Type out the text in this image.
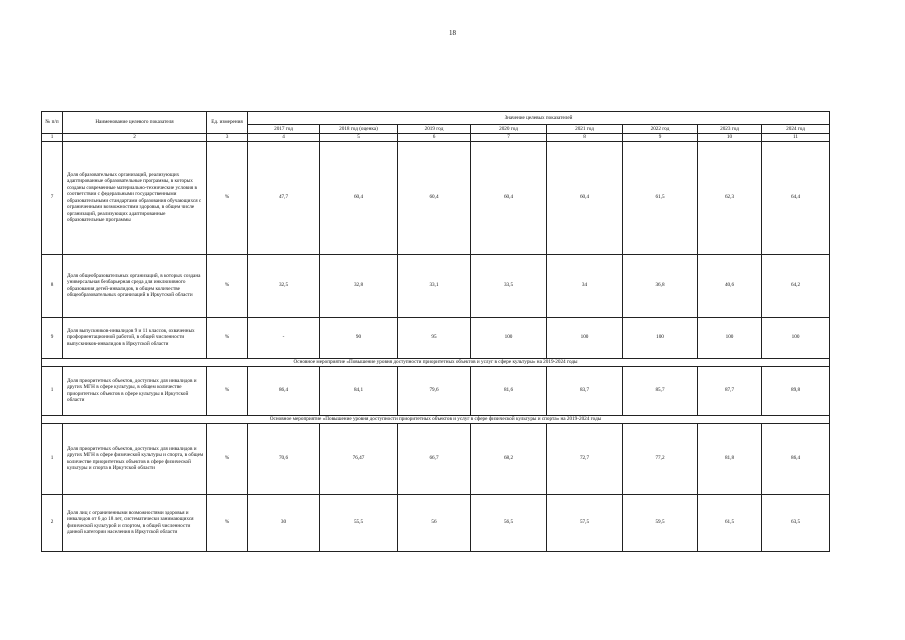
18
№ п/п	Наименование целевого показателя	Ед. измерения	Значение целевых показателей							
			2017 год	2018 год (оценка)	2019 год	2020 год	2021 год	2022 год	2023 год	2024 год
1	2	3	4	5	6	7	8	9	10	11
7	Доля образовательных организаций, реализующих адаптированные образовательные программы, в которых созданы современные материально-технические условия в соответствии с федеральными государственными образовательными стандартами образования обучающихся с ограниченными возможностями здоровья, в общем числе организаций, реализующих адаптированные образовательные программы	%	47,7	60,4	60,4	60,4	60,4	61,5	62,3	64,4
8	Доля общеобразовательных организаций, в которых создана универсальная безбарьерная среда для инклюзивного образования детей-инвалидов, в общем количестве общеобразовательных организаций в Иркутской области	%	32,5	32,8	33,1	33,5	34	36,8	40,6	64,2
9	Доля выпускников-инвалидов 9 и 11 классов, охваченных профориентационной работой, в общей численности выпускников-инвалидов в Иркутской области	%	-	90	95	100	100	100	100	100
Основное мероприятие «Повышение уровня доступности приоритетных объектов и услуг в сфере культуры» на 2019-2024 годы										
1	Доля приоритетных объектов, доступных для инвалидов и других МГН в сфере культуры, в общем количестве приоритетных объектов в сфере культуры в Иркутской области	%	86,4	84,1	79,6	81,6	83,7	85,7	87,7	89,8
Основное мероприятие «Повышение уровня доступности приоритетных объектов и услуг в сфере физической культуры и спорта» на 2019-2024 годы										
1	Доля приоритетных объектов, доступных для инвалидов и других МГН в сфере физической культуры и спорта, в общем количестве приоритетных объектов в сфере физической культуры и спорта в Иркутской области	%	70,6	76,47	66,7	68,2	72,7	77,2	81,8	86,4
2	Доля лиц с ограниченными возможностями здоровья и инвалидов от 6 до 18 лет, систематически занимающихся физической культурой и спортом, в общей численности данной категории населения в Иркутской области	%	30	55,5	56	56,5	57,5	59,5	61,5	63,5
